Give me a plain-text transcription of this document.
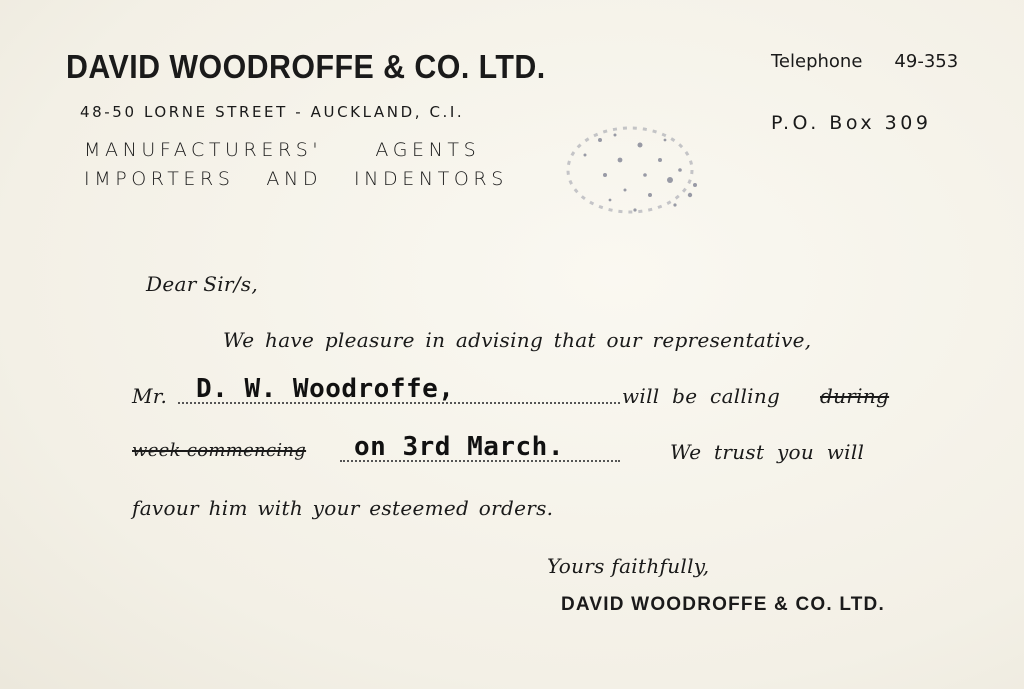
DAVID WOODROFFE & CO. LTD.
48-50 LORNE STREET - AUCKLAND, C.I.
MANUFACTURERS'     AGENTS
IMPORTERS   AND   INDENTORS
Telephone 49-353
P.O. Box 309
Dear Sir/s,
We have pleasure in advising that our representative,
Mr. D. W. Woodroffe,	will be calling during
week commencing on 3rd March.	We trust you will
favour him with your esteemed orders.
Yours faithfully,
DAVID WOODROFFE & CO. LTD.
